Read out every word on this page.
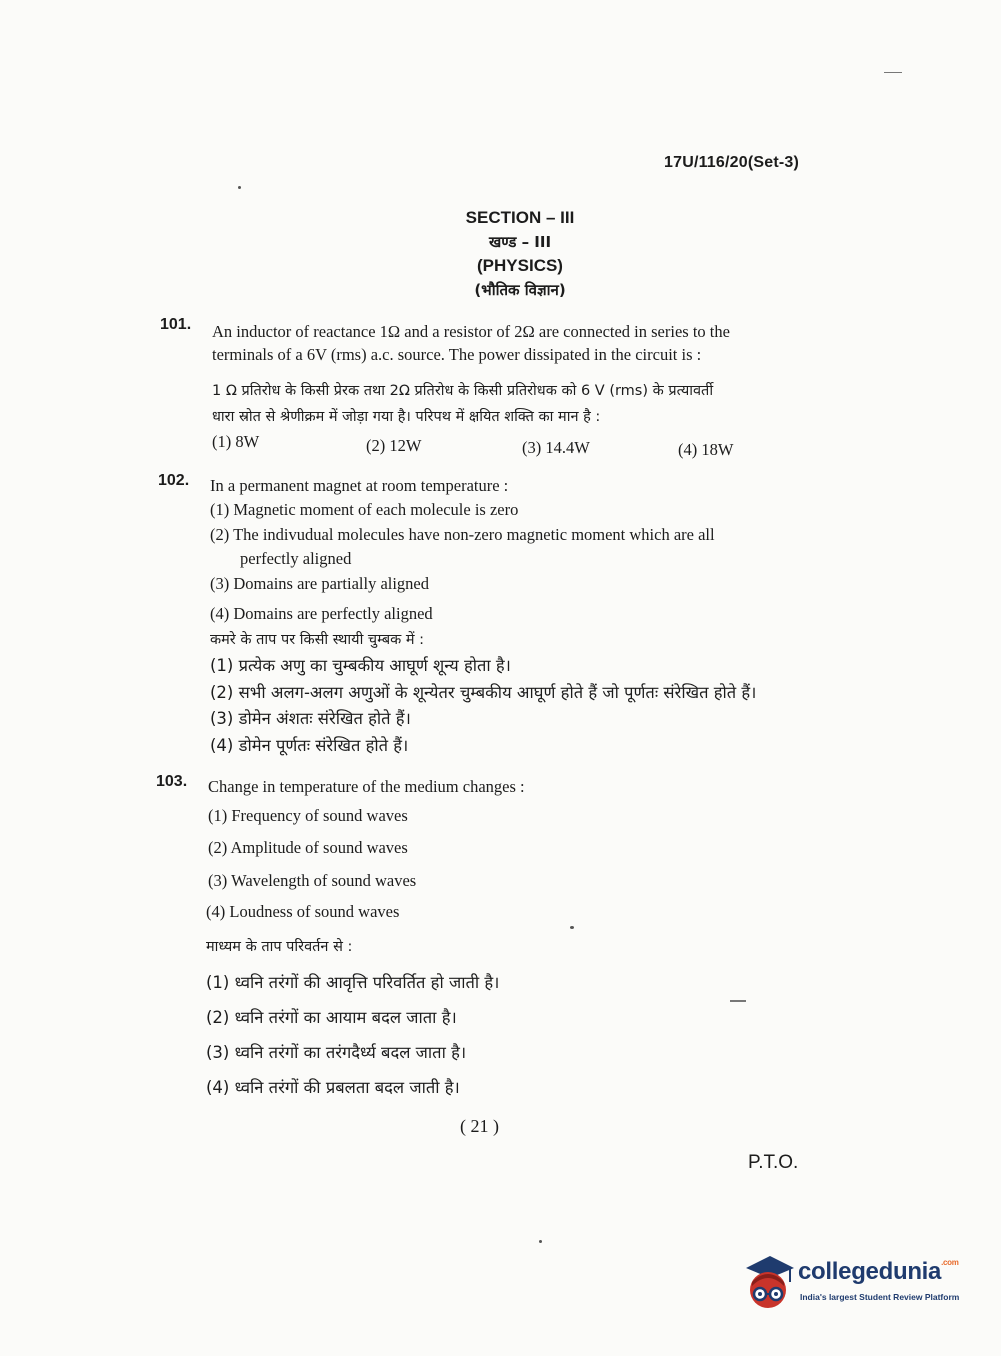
17U/116/20(Set-3)
SECTION – III
खण्ड – III
(PHYSICS)
(भौतिक विज्ञान)
101. An inductor of reactance 1Ω and a resistor of 2Ω are connected in series to the
terminals of a 6V (rms) a.c. source. The power dissipated in the circuit is :
1 Ω प्रतिरोध के किसी प्रेरक तथा 2Ω प्रतिरोध के किसी प्रतिरोधक को 6 V (rms) के प्रत्यावर्ती
धारा स्रोत से श्रेणीक्रम में जोड़ा गया है। परिपथ में क्षयित शक्ति का मान है :
(1) 8W	(2) 12W	(3) 14.4W	(4) 18W
102. In a permanent magnet at room temperature :
(1) Magnetic moment of each molecule is zero
(2) The indivudual molecules have non-zero magnetic moment which are all
perfectly aligned
(3) Domains are partially aligned
(4) Domains are perfectly aligned
कमरे के ताप पर किसी स्थायी चुम्बक में :
(1) प्रत्येक अणु का चुम्बकीय आघूर्ण शून्य होता है।
(2) सभी अलग-अलग अणुओं के शून्येतर चुम्बकीय आघूर्ण होते हैं जो पूर्णतः संरेखित होते हैं।
(3) डोमेन अंशतः संरेखित होते हैं।
(4) डोमेन पूर्णतः संरेखित होते हैं।
103. Change in temperature of the medium changes :
(1) Frequency of sound waves
(2) Amplitude of sound waves
(3) Wavelength of sound waves
(4) Loudness of sound waves
माध्यम के ताप परिवर्तन से :
(1) ध्वनि तरंगों की आवृत्ति परिवर्तित हो जाती है।
(2) ध्वनि तरंगों का आयाम बदल जाता है।
(3) ध्वनि तरंगों का तरंगदैर्ध्य बदल जाता है।
(4) ध्वनि तरंगों की प्रबलता बदल जाती है।
( 21 )
P.T.O.
collegedunia$^{.com}$
India's largest Student Review Platform
